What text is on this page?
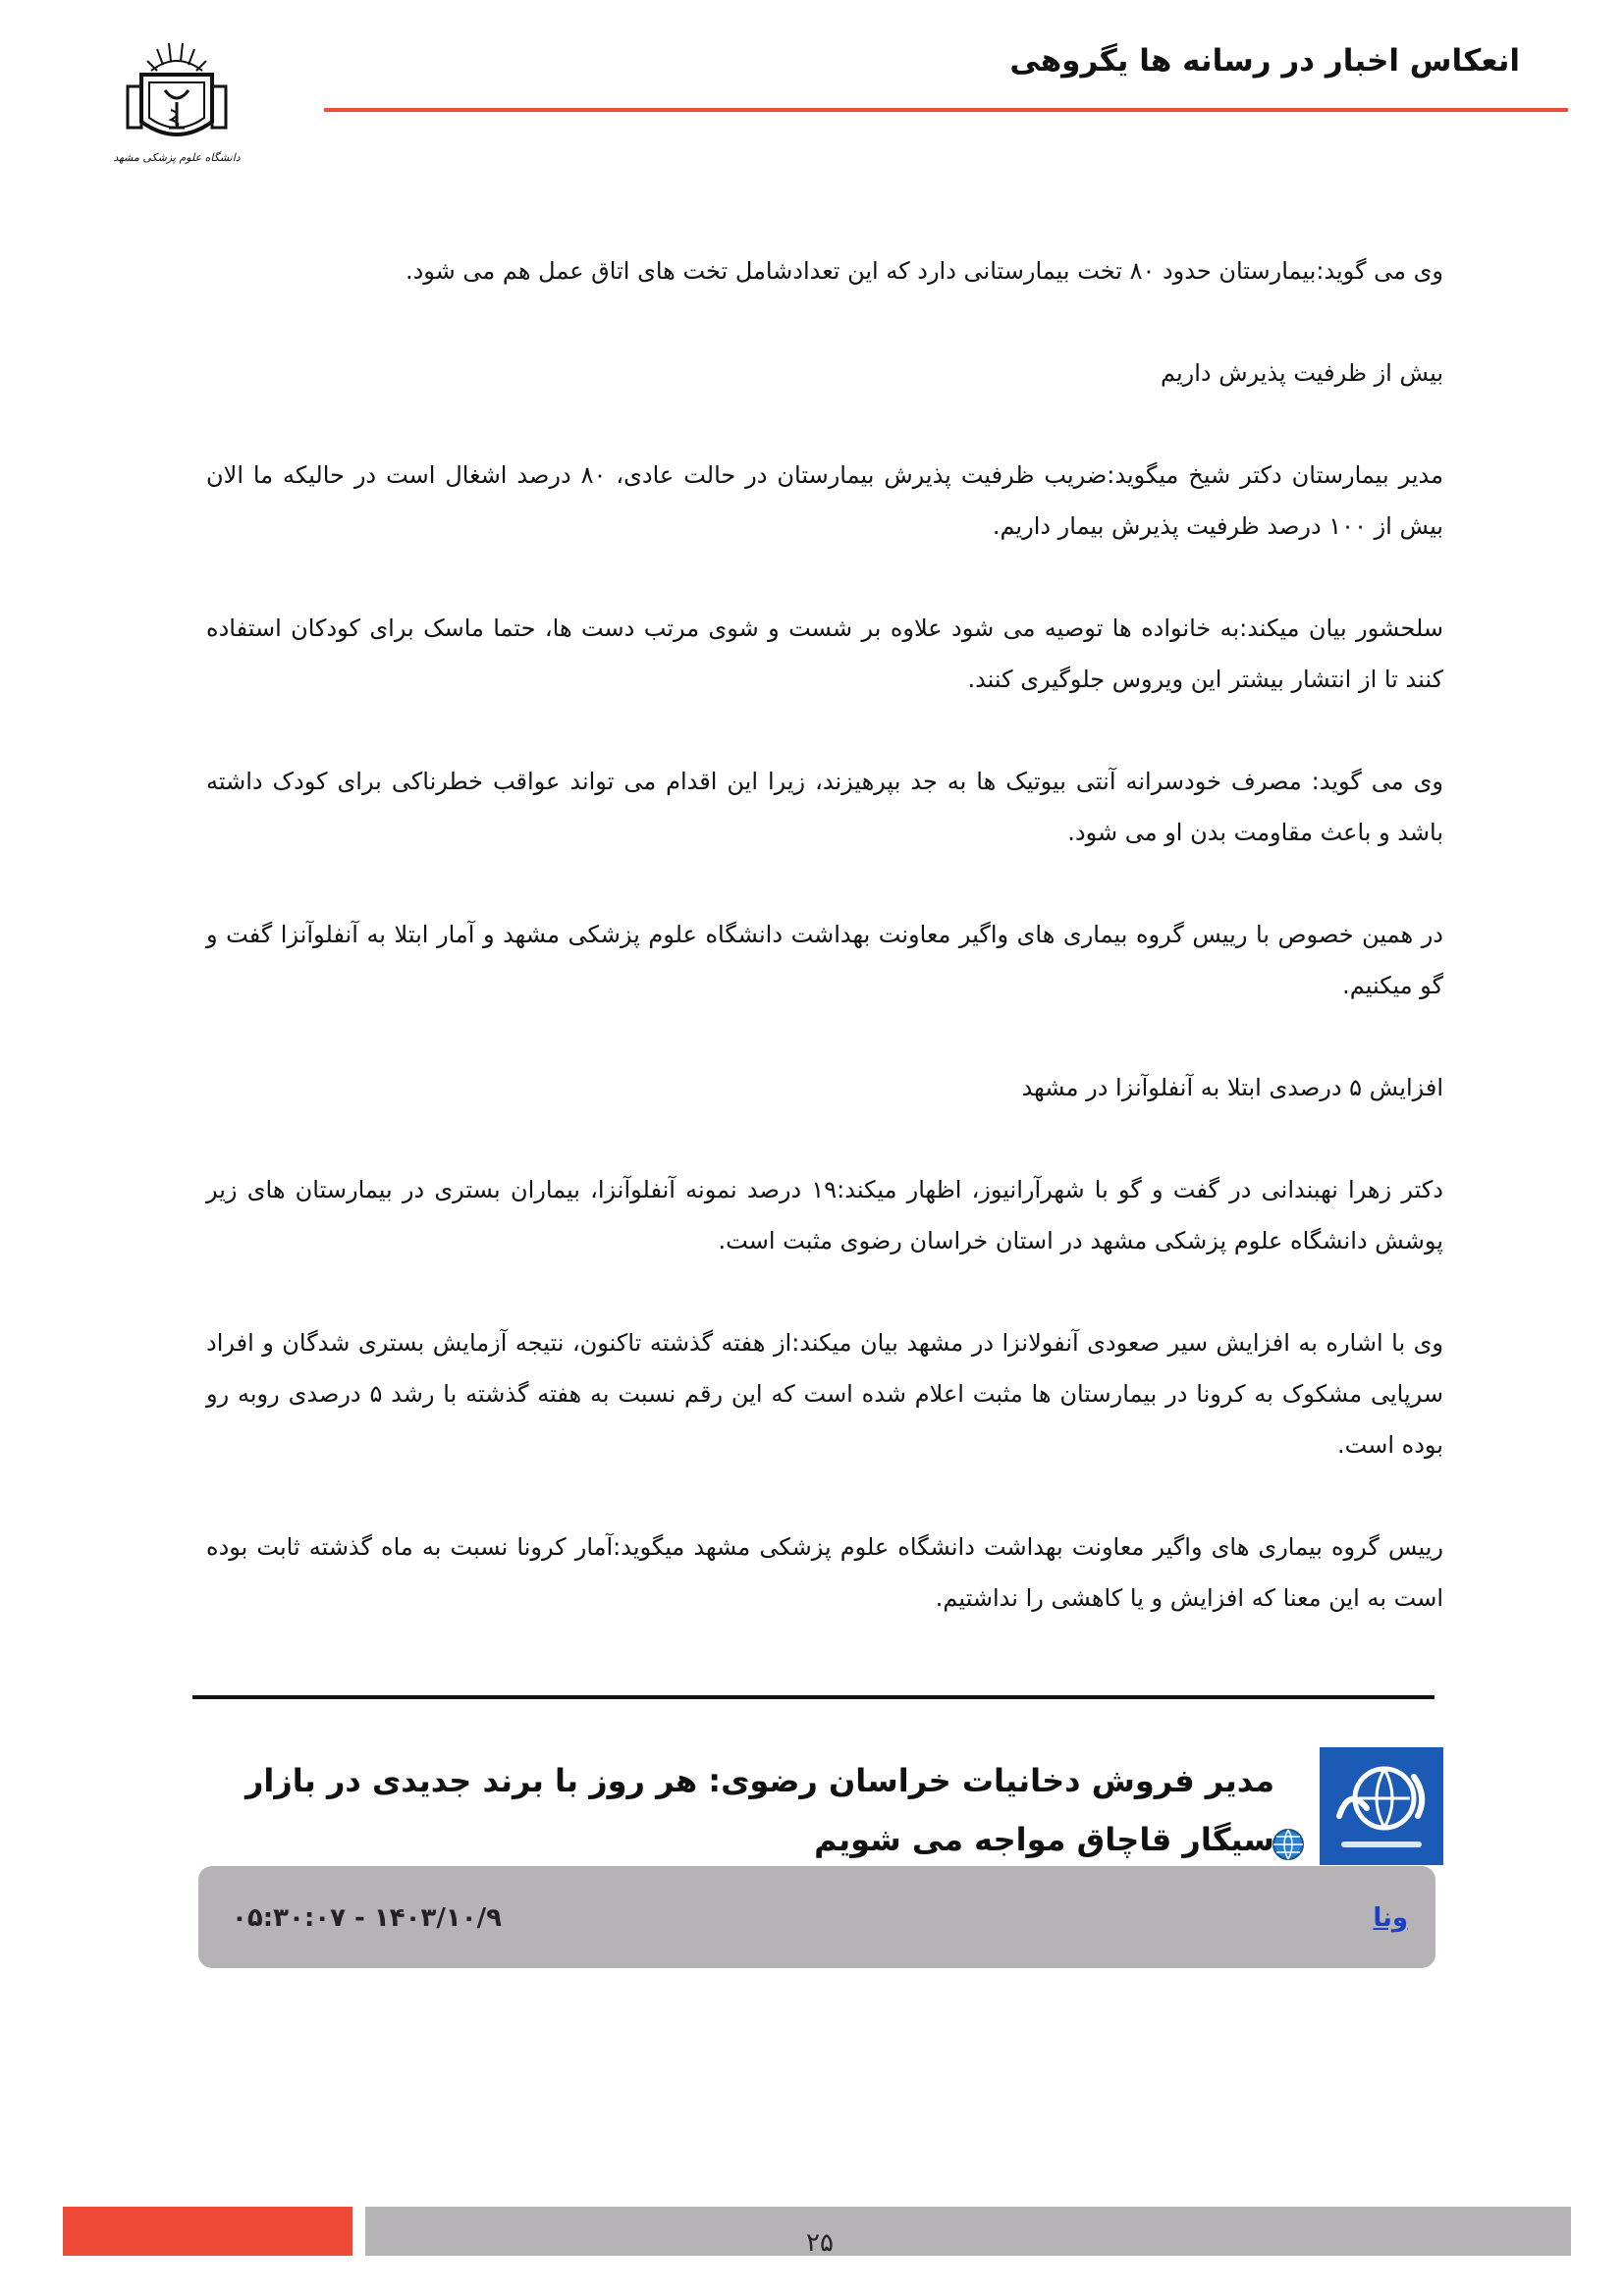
انعکاس اخبار در رسانه ها یگروهی
دانشگاه علوم پزشکی مشهد

وی می گوید:بیمارستان حدود ۸۰ تخت بیمارستانی دارد که این تعدادشامل تخت های اتاق عمل هم می شود.

بیش از ظرفیت پذیرش داریم

مدیر بیمارستان دکتر شیخ میگوید:ضریب ظرفیت پذیرش بیمارستان در حالت عادی، ۸۰ درصد اشغال است در حالیکه ما الان بیش از ۱۰۰ درصد ظرفیت پذیرش بیمار داریم.

سلحشور بیان میکند:به خانواده ها توصیه می شود علاوه بر شست و شوی مرتب دست ها، حتما ماسک برای کودکان استفاده کنند تا از انتشار بیشتر این ویروس جلوگیری کنند.

وی می گوید: مصرف خودسرانه آنتی بیوتیک ها به جد بپرهیزند، زیرا این اقدام می تواند عواقب خطرناکی برای کودک داشته باشد و باعث مقاومت بدن او می شود.

در همین خصوص با رییس گروه بیماری های واگیر معاونت بهداشت دانشگاه علوم پزشکی مشهد و آمار ابتلا به آنفلوآنزا گفت و گو میکنیم.

افزایش ۵ درصدی ابتلا به آنفلوآنزا در مشهد

دکتر زهرا نهبندانی در گفت و گو با شهرآرانیوز، اظهار میکند:۱۹ درصد نمونه آنفلوآنزا، بیماران بستری در بیمارستان های زیر پوشش دانشگاه علوم پزشکی مشهد در استان خراسان رضوی مثبت است.

وی با اشاره به افزایش سیر صعودی آنفولانزا در مشهد بیان میکند:از هفته گذشته تاکنون، نتیجه آزمایش بستری شدگان و افراد سرپایی مشکوک به کرونا در بیمارستان ها مثبت اعلام شده است که این رقم نسبت به هفته گذشته با رشد ۵ درصدی روبه رو بوده است.

رییس گروه بیماری های واگیر معاونت بهداشت دانشگاه علوم پزشکی مشهد میگوید:آمار کرونا نسبت به ماه گذشته ثابت بوده است به این معنا که افزایش و یا کاهشی را نداشتیم.

مدیر فروش دخانیات خراسان رضوی: هر روز با برند جدیدی در بازار سیگار قاچاق مواجه می شویم
ونا
۰۵:۳۰:۰۷ - ۱۴۰۳/۱۰/۹
۲۵
